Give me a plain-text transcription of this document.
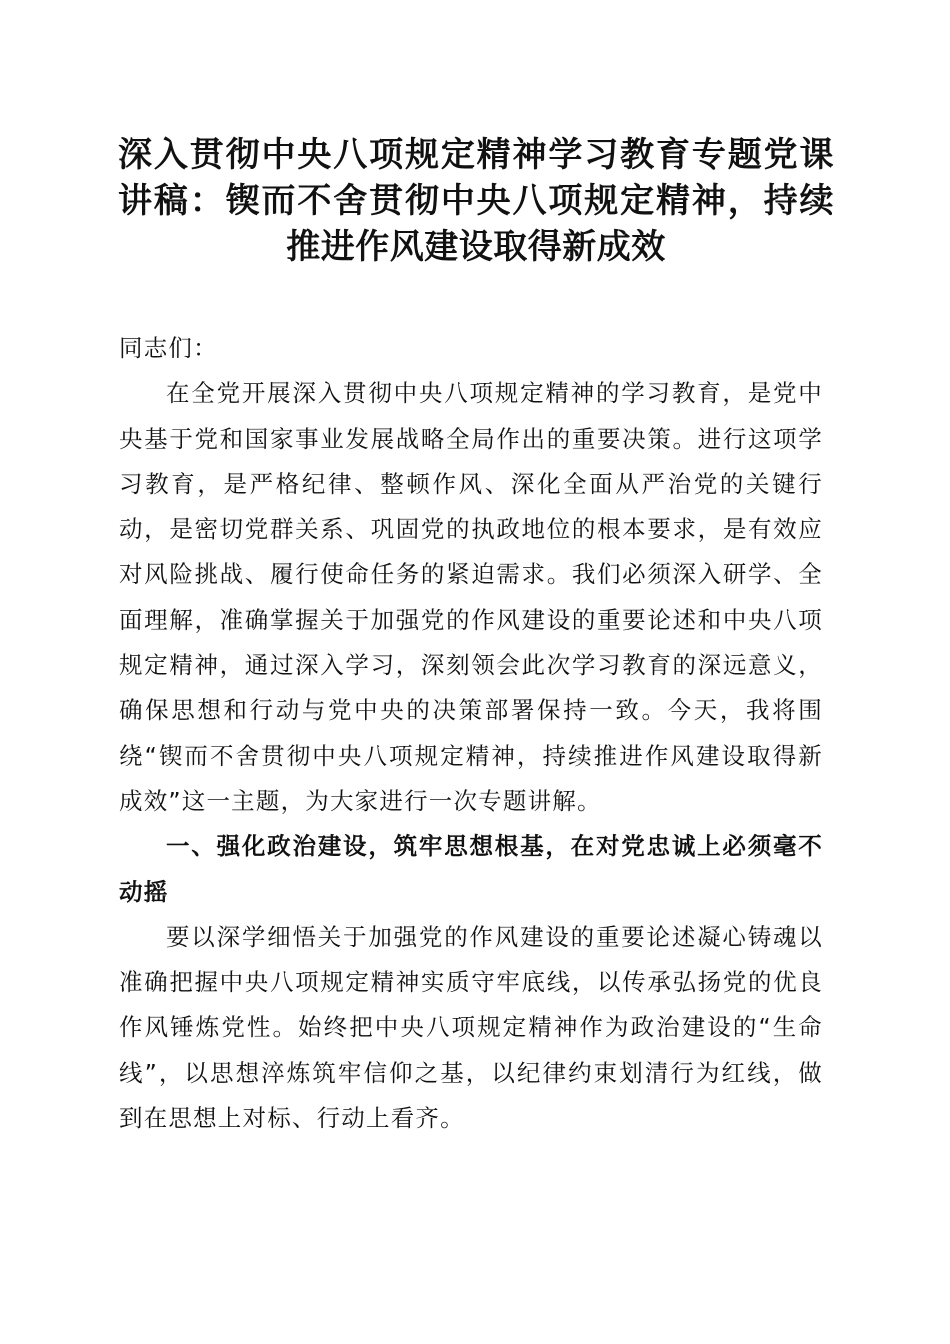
深入贯彻中央八项规定精神学习教育专题党课讲稿：锲而不舍贯彻中央八项规定精神，持续推进作风建设取得新成效

同志们：

在全党开展深入贯彻中央八项规定精神的学习教育，是党中央基于党和国家事业发展战略全局作出的重要决策。进行这项学习教育，是严格纪律、整顿作风、深化全面从严治党的关键行动，是密切党群关系、巩固党的执政地位的根本要求，是有效应对风险挑战、履行使命任务的紧迫需求。我们必须深入研学、全面理解，准确掌握关于加强党的作风建设的重要论述和中央八项规定精神，通过深入学习，深刻领会此次学习教育的深远意义，确保思想和行动与党中央的决策部署保持一致。今天，我将围绕“锲而不舍贯彻中央八项规定精神，持续推进作风建设取得新成效”这一主题，为大家进行一次专题讲解。

一、强化政治建设，筑牢思想根基，在对党忠诚上必须毫不动摇

要以深学细悟关于加强党的作风建设的重要论述凝心铸魂以准确把握中央八项规定精神实质守牢底线，以传承弘扬党的优良作风锤炼党性。始终把中央八项规定精神作为政治建设的“生命线”，以思想淬炼筑牢信仰之基，以纪律约束划清行为红线，做到在思想上对标、行动上看齐。
